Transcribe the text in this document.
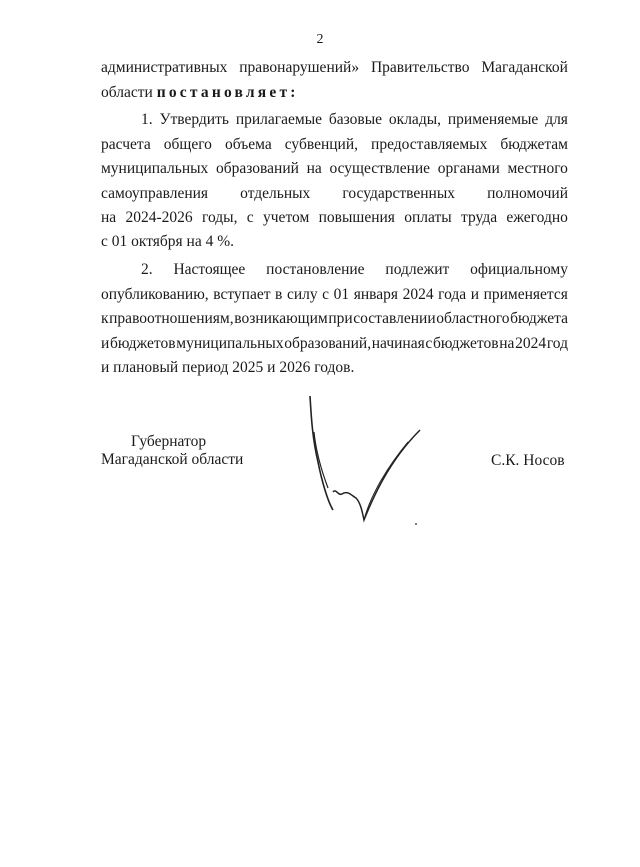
2
административных правонарушений» Правительство Магаданской
области постановляет:
1. Утвердить прилагаемые базовые оклады, применяемые для
расчета общего объема субвенций, предоставляемых бюджетам
муниципальных образований на осуществление органами местного
самоуправления отдельных государственных полномочий
на 2024-2026 годы, с учетом повышения оплаты труда ежегодно
с 01 октября на 4 %.
2. Настоящее постановление подлежит официальному
опубликованию, вступает в силу с 01 января 2024 года и применяется
к правоотношениям, возникающим при составлении областного бюджета
и бюджетов муниципальных образований, начиная с бюджетов на 2024 год
и плановый период 2025 и 2026 годов.
Губернатор
Магаданской области	С.К. Носов
